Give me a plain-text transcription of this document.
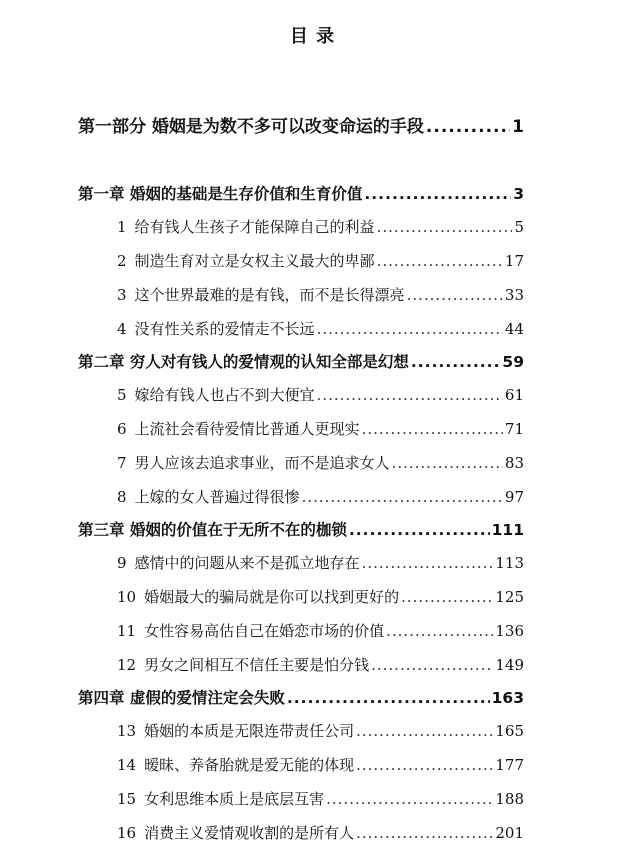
目 录
第一部分 婚姻是为数不多可以改变命运的手段 .....	1
第一章 婚姻的基础是生存价值和生育价值 .....	3
1 给有钱人生孩子才能保障自己的利益 .....	5
2 制造生育对立是女权主义最大的卑鄙 .....	17
3 这个世界最难的是有钱，而不是长得漂亮 .....	33
4 没有性关系的爱情走不长远 .....	44
第二章 穷人对有钱人的爱情观的认知全部是幻想 .....	59
5 嫁给有钱人也占不到大便宜 .....	61
6 上流社会看待爱情比普通人更现实 .....	71
7 男人应该去追求事业，而不是追求女人 .....	83
8 上嫁的女人普遍过得很惨 .....	97
第三章 婚姻的价值在于无所不在的枷锁 .....	111
9 感情中的问题从来不是孤立地存在 .....	113
10 婚姻最大的骗局就是你可以找到更好的 .....	125
11 女性容易高估自己在婚恋市场的价值 .....	136
12 男女之间相互不信任主要是怕分钱 .....	149
第四章 虚假的爱情注定会失败 .....	163
13 婚姻的本质是无限连带责任公司 .....	165
14 暧昧、养备胎就是爱无能的体现 .....	177
15 女利思维本质上是底层互害 .....	188
16 消费主义爱情观收割的是所有人 .....	201
